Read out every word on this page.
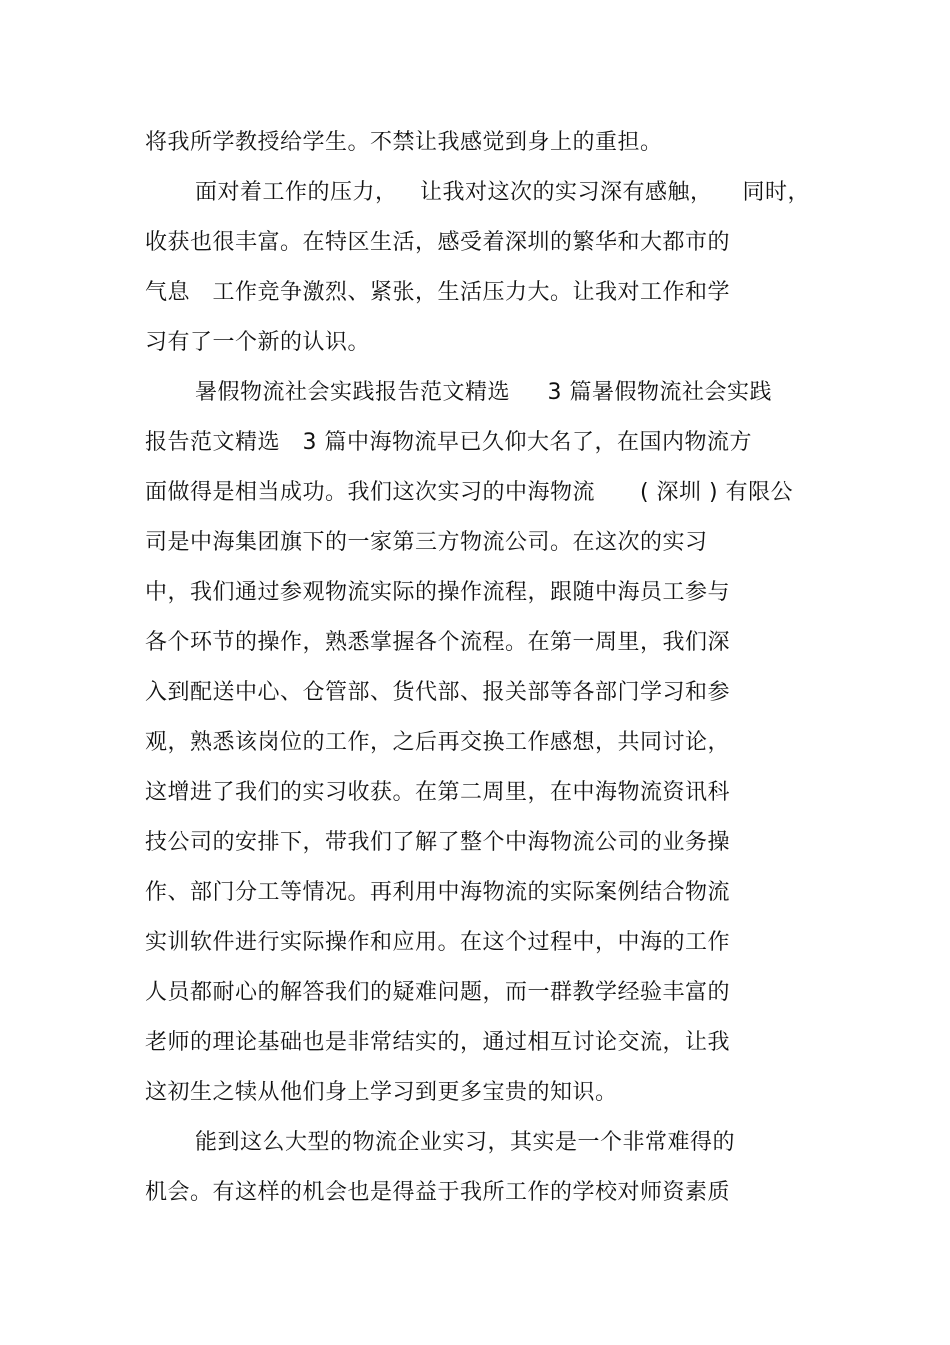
将我所学教授给学生。不禁让我感觉到身上的重担。
面对着工作的压力，   让我对这次的实习深有感触，    同时，
收获也很丰富。在特区生活，感受着深圳的繁华和大都市的
气息   工作竞争激烈、紧张，生活压力大。让我对工作和学
习有了一个新的认识。
暑假物流社会实践报告范文精选     3 篇暑假物流社会实践
报告范文精选   3 篇中海物流早已久仰大名了，在国内物流方
面做得是相当成功。我们这次实习的中海物流      ( 深圳 ) 有限公
司是中海集团旗下的一家第三方物流公司。在这次的实习
中，我们通过参观物流实际的操作流程，跟随中海员工参与
各个环节的操作，熟悉掌握各个流程。在第一周里，我们深
入到配送中心、仓管部、货代部、报关部等各部门学习和参
观，熟悉该岗位的工作，之后再交换工作感想，共同讨论，
这增进了我们的实习收获。在第二周里，在中海物流资讯科
技公司的安排下，带我们了解了整个中海物流公司的业务操
作、部门分工等情况。再利用中海物流的实际案例结合物流
实训软件进行实际操作和应用。在这个过程中，中海的工作
人员都耐心的解答我们的疑难问题，而一群教学经验丰富的
老师的理论基础也是非常结实的，通过相互讨论交流，让我
这初生之犊从他们身上学习到更多宝贵的知识。
能到这么大型的物流企业实习，其实是一个非常难得的
机会。有这样的机会也是得益于我所工作的学校对师资素质
